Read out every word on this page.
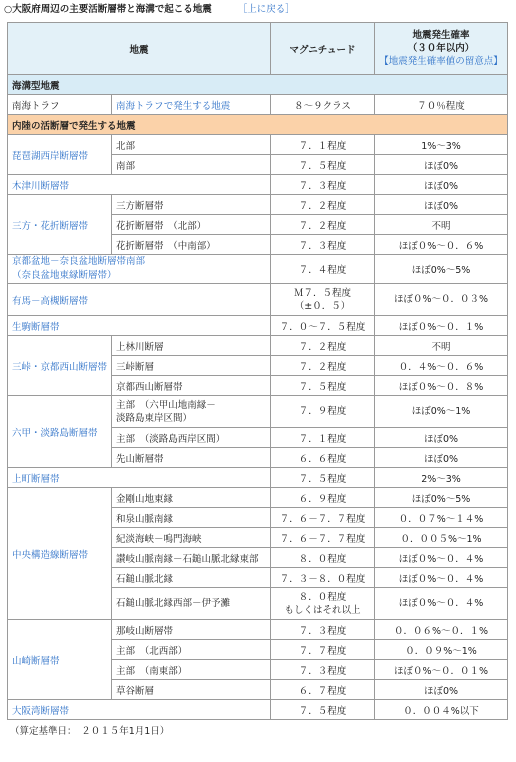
○大阪府周辺の主要活断層帯と海溝で起こる地震	［上に戻る］
地震		マグニチュード	地震発生確率
（３０年以内）
【地震発生確率値の留意点】

海溝型地震			
南海トラフ	南海トラフで発生する地震	８～９クラス	７０％程度
内陸の活断層で発生する地震			
琵琶湖西岸断層帯	北部	７．１程度	1%～3%
	南部	７．５程度	ほぼ0%
木津川断層帯		７．３程度	ほぼ0%
三方・花折断層帯	三方断層帯	７．２程度	ほぼ0%
	花折断層帯　（北部）	７．２程度	不明
	花折断層帯　（中南部）	７．３程度	ほぼ０%～０．６%

京都盆地－奈良盆地断層帯南部
（奈良盆地東縁断層帯）		７．４程度	ほぼ0%～5%
有馬－高槻断層帯		Ｍ７．５程度
（±０．５）	ほぼ０%～０．０３%
生駒断層帯		７．０～７．５程度	ほぼ０%～０．１%
三峠・京都西山断層帯	上林川断層	７．２程度	不明
	三峠断層	７．２程度	０．４%～０．６%
	京都西山断層帯	７．５程度	ほぼ０%～０．８%
六甲・淡路島断層帯	主部　（六甲山地南縁－
淡路島東岸区間）	７．９程度	ほぼ0%～1%
	主部　（淡路島西岸区間）	７．１程度	ほぼ0%
	先山断層帯	６．６程度	ほぼ0%
上町断層帯		７．５程度	2%～3%
中央構造線断層帯	金剛山地東縁	６．９程度	ほぼ0%～5%
	和泉山脈南縁	７．６－７．７程度	０．０７%～１４%
	紀淡海峡－鳴門海峡	７．６－７．７程度	０．００５%～1%
	讃岐山脈南縁－石鎚山脈北縁東部	８．０程度	ほぼ０%～０．４%
	石鎚山脈北縁	７．３－８．０程度	ほぼ０%～０．４%
	石鎚山脈北縁西部－伊予灘	８．０程度
もしくはそれ以上	ほぼ０%～０．４%
山崎断層帯	那岐山断層帯	７．３程度	０．０６%～０．１%
	主部　（北西部）	７．７程度	０．０９%～1%
	主部　（南東部）	７．３程度	ほぼ０%～０．０１%
	草谷断層	６．７程度	ほぼ0%
大阪湾断層帯		７．５程度	０．００４%以下
（算定基準日：　２０１５年1月1日）
